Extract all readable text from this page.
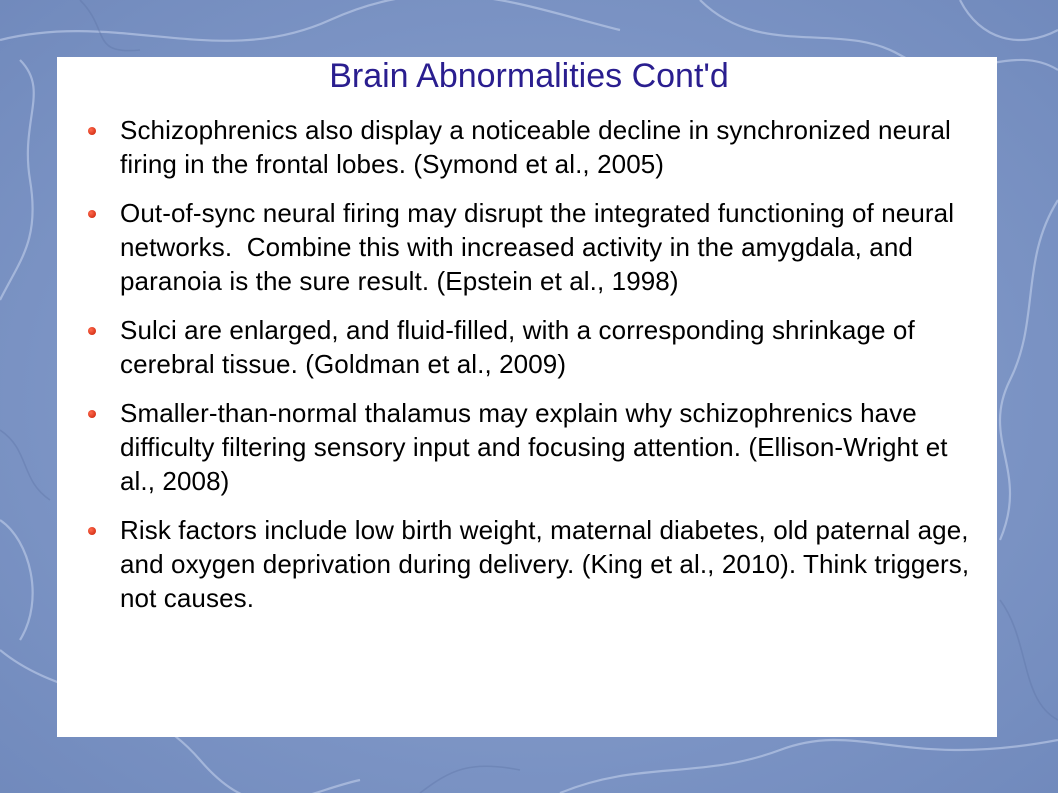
Brain Abnormalities Cont'd
Schizophrenics also display a noticeable decline in synchronized neural firing in the frontal lobes. (Symond et al., 2005)
Out-of-sync neural firing may disrupt the integrated functioning of neural networks.  Combine this with increased activity in the amygdala, and paranoia is the sure result. (Epstein et al., 1998)
Sulci are enlarged, and fluid-filled, with a corresponding shrinkage of cerebral tissue. (Goldman et al., 2009)
Smaller-than-normal thalamus may explain why schizophrenics have difficulty filtering sensory input and focusing attention. (Ellison-Wright et al., 2008)
Risk factors include low birth weight, maternal diabetes, old paternal age, and oxygen deprivation during delivery. (King et al., 2010). Think triggers, not causes.
